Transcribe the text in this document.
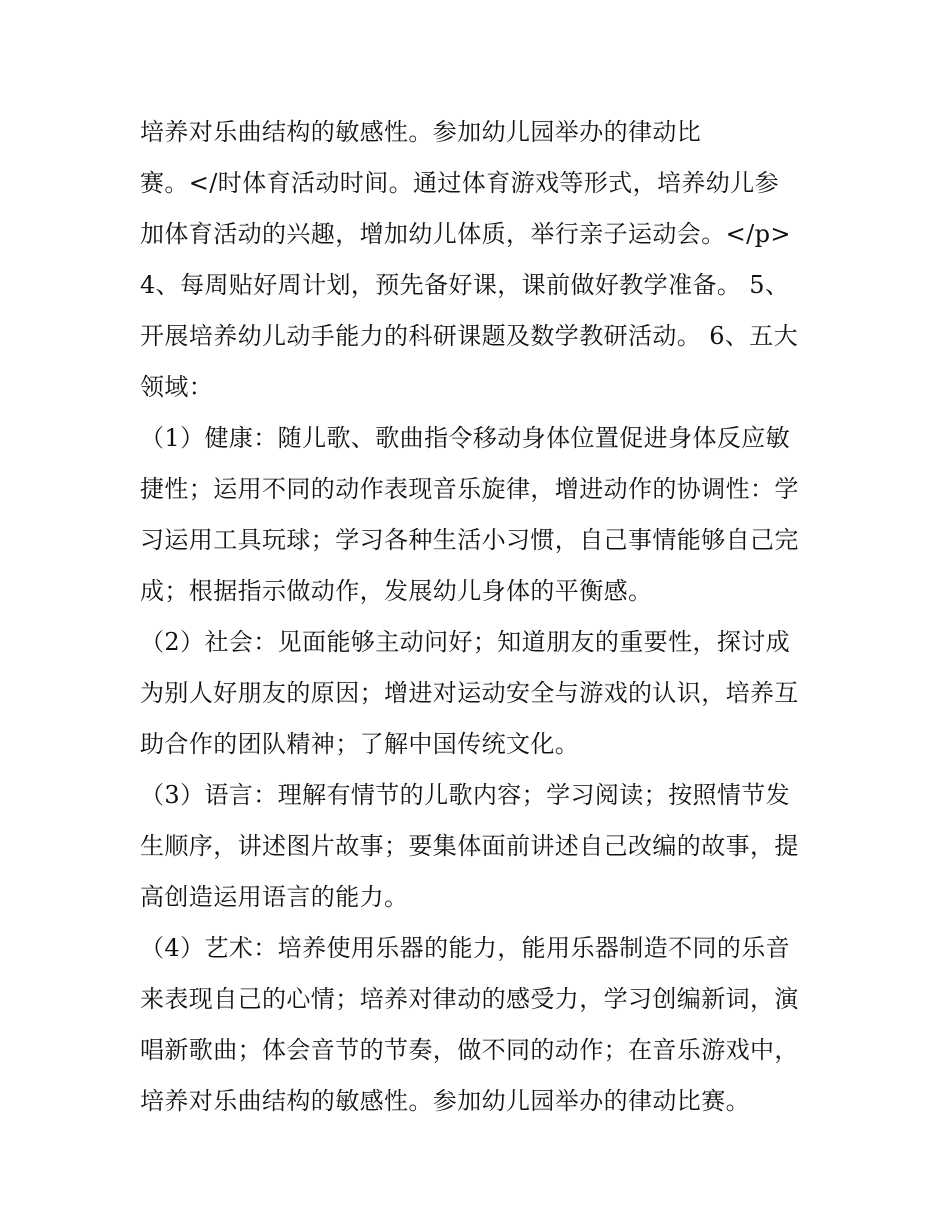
培养对乐曲结构的敏感性。参加幼儿园举办的律动比
赛。</时体育活动时间。通过体育游戏等形式，培养幼儿参
加体育活动的兴趣，增加幼儿体质，举行亲子运动会。</p>
4、每周贴好周计划，预先备好课，课前做好教学准备。 5、
开展培养幼儿动手能力的科研课题及数学教研活动。 6、五大
领域：
（1）健康：随儿歌、歌曲指令移动身体位置促进身体反应敏
捷性；运用不同的动作表现音乐旋律，增进动作的协调性：学
习运用工具玩球；学习各种生活小习惯，自己事情能够自己完
成；根据指示做动作，发展幼儿身体的平衡感。
（2）社会：见面能够主动问好；知道朋友的重要性，探讨成
为别人好朋友的原因；增进对运动安全与游戏的认识，培养互
助合作的团队精神；了解中国传统文化。
（3）语言：理解有情节的儿歌内容；学习阅读；按照情节发
生顺序，讲述图片故事；要集体面前讲述自己改编的故事，提
高创造运用语言的能力。
（4）艺术：培养使用乐器的能力，能用乐器制造不同的乐音
来表现自己的心情；培养对律动的感受力，学习创编新词，演
唱新歌曲；体会音节的节奏，做不同的动作；在音乐游戏中，
培养对乐曲结构的敏感性。参加幼儿园举办的律动比赛。
